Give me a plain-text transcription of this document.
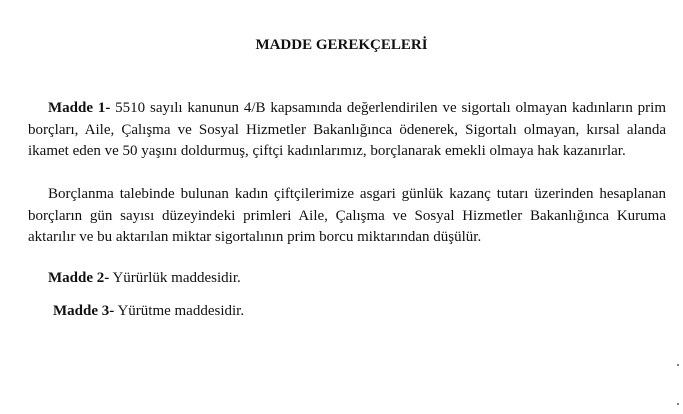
MADDE GEREKÇELERİ

Madde 1- 5510 sayılı kanunun 4/B kapsamında değerlendirilen ve sigortalı olmayan kadınların prim borçları, Aile, Çalışma ve Sosyal Hizmetler Bakanlığınca ödenerek, Sigortalı olmayan, kırsal alanda ikamet eden ve 50 yaşını doldurmuş, çiftçi kadınlarımız, borçlanarak emekli olmaya hak kazanırlar.

Borçlanma talebinde bulunan kadın çiftçilerimize asgari günlük kazanç tutarı üzerinden hesaplanan borçların gün sayısı düzeyindeki primleri Aile, Çalışma ve Sosyal Hizmetler Bakanlığınca Kuruma aktarılır ve bu aktarılan miktar sigortalının prim borcu miktarından düşülür.

Madde 2- Yürürlük maddesidir.

Madde 3- Yürütme maddesidir.
